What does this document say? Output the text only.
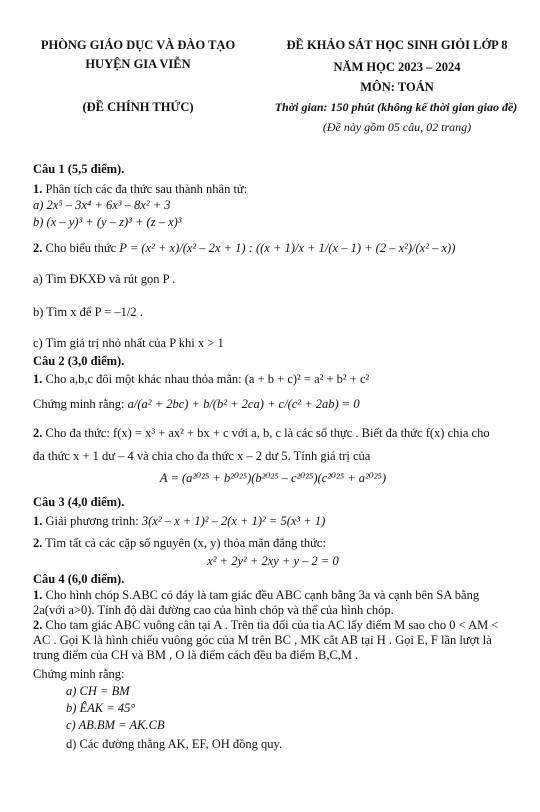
PHÒNG GIÁO DỤC VÀ ĐÀO TẠO
HUYỆN GIA VIỄN
(ĐỀ CHÍNH THỨC)
ĐỀ KHẢO SÁT HỌC SINH GIỎI LỚP 8
NĂM HỌC 2023 – 2024
MÔN: TOÁN
Thời gian: 150 phút (không kể thời gian giao đề)
(Đề này gồm 05 câu, 02 trang)
Câu 1 (5,5 điểm).
1. Phân tích các đa thức sau thành nhân tử:
a) 2x⁵ – 3x⁴ + 6x³ – 8x² + 3
b) (x – y)³ + (y – z)³ + (z – x)³
2. Cho biểu thức P = (x² + x)/(x² – 2x + 1) : ((x + 1)/x + 1/(x – 1) + (2 – x²)/(x² – x))
a) Tìm ĐKXĐ và rút gọn P .
b) Tìm x để P = –1/2 .
c) Tìm giá trị nhỏ nhất của P khi x > 1
Câu 2 (3,0 điểm).
1. Cho a,b,c đôi một khác nhau thỏa mãn: (a + b + c)² = a² + b² + c²
Chứng minh rằng: a/(a² + 2bc) + b/(b² + 2ca) + c/(c² + 2ab) = 0
2. Cho đa thức: f(x) = x³ + ax² + bx + c với a, b, c là các số thực . Biết đa thức f(x) chia cho
đa thức x + 1 dư – 4 và chia cho đa thức x – 2 dư 5. Tính giá trị của
A = (a²⁰²⁵ + b²⁰²⁵)(b²⁰²⁵ – c²⁰²⁵)(c²⁰²⁵ + a²⁰²⁵)
Câu 3 (4,0 điểm).
1. Giải phương trình: 3(x² – x + 1)² – 2(x + 1)² = 5(x³ + 1)
2. Tìm tất cả các cặp số nguyên (x, y) thỏa mãn đẳng thức:
x² + 2y² + 2xy + y – 2 = 0
Câu 4 (6,0 điểm).
1. Cho hình chóp S.ABC có đáy là tam giác đều ABC cạnh bằng 3a và cạnh bên SA bằng 2a(với a>0). Tính độ dài đường cao của hình chóp và thể của hình chóp.
2. Cho tam giác ABC vuông cân tại A . Trên tia đối của tia AC lấy điểm M sao cho 0 < AM < AC . Gọi K là hình chiếu vuông góc của M trên BC , MK cắt AB tại H . Gọi E, F lần lượt là trung điểm của CH và BM , O là điểm cách đều ba điểm B,C,M .
Chứng minh rằng:
a) CH = BM
b) ÊAK = 45°
c) AB.BM = AK.CB
d) Các đường thẳng AK, EF, OH đồng quy.
